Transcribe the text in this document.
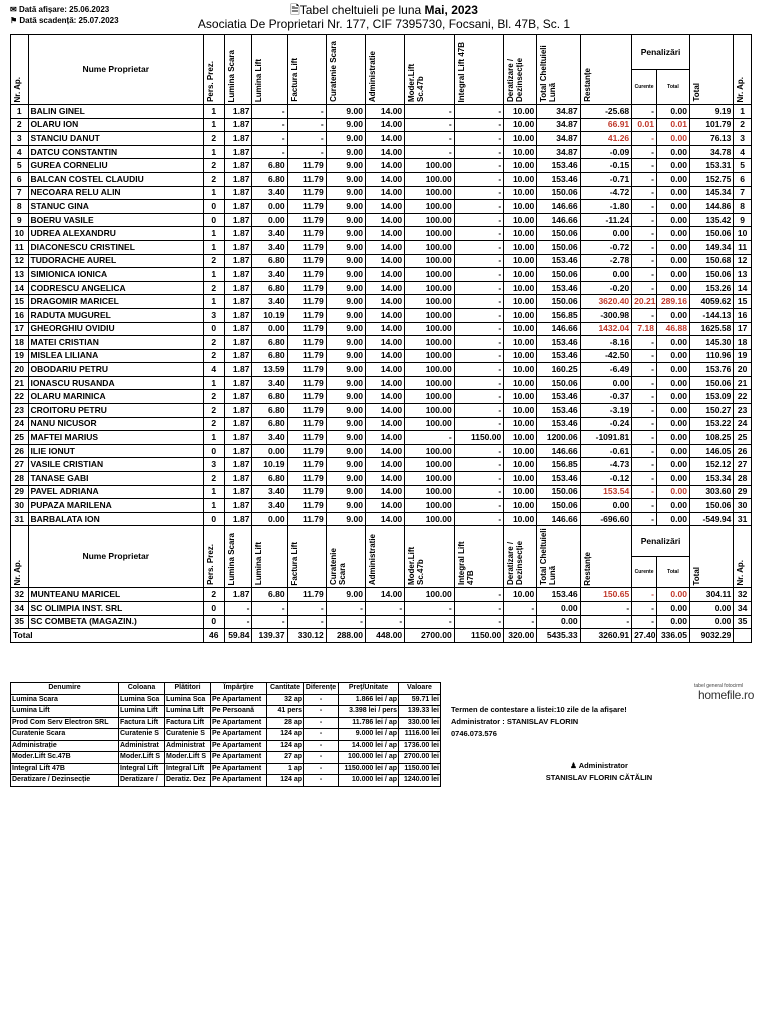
✉ Dată afișare: 25.06.2023
⚑ Dată scadență: 25.07.2023
🗎Tabel cheltuieli pe luna Mai, 2023
Asociatia De Proprietari Nr. 177, CIF 7395730, Focsani, Bl. 47B, Sc. 1
Nr. Ap.	Nume Proprietar	Pers. Prez.	Lumina Scara	Lumina Lift	Factura Lift	Curatenie Scara	Administratie	Moder.Lift Sc.47b	Integral Lift 47B	Deratizare / Dezinsecție	Total Cheltuieli Lună	Restanțe	Penalizări		Total	Nr. Ap.

													Curente	Total		
1	BALIN GINEL	1	1.87	-	-	9.00	14.00	-	-	10.00	34.87	-25.68	-	0.00	9.19	1
2	OLARU ION	1	1.87	-	-	9.00	14.00	-	-	10.00	34.87	66.91	0.01	0.01	101.79	2
3	STANCIU DANUT	2	1.87	-	-	9.00	14.00	-	-	10.00	34.87	41.26	-	0.00	76.13	3
4	DATCU CONSTANTIN	1	1.87	-	-	9.00	14.00	-	-	10.00	34.87	-0.09	-	0.00	34.78	4
5	GUREA CORNELIU	2	1.87	6.80	11.79	9.00	14.00	100.00	-	10.00	153.46	-0.15	-	0.00	153.31	5
6	BALCAN COSTEL CLAUDIU	2	1.87	6.80	11.79	9.00	14.00	100.00	-	10.00	153.46	-0.71	-	0.00	152.75	6
7	NECOARA RELU ALIN	1	1.87	3.40	11.79	9.00	14.00	100.00	-	10.00	150.06	-4.72	-	0.00	145.34	7
8	STANUC GINA	0	1.87	0.00	11.79	9.00	14.00	100.00	-	10.00	146.66	-1.80	-	0.00	144.86	8
9	BOERU VASILE	0	1.87	0.00	11.79	9.00	14.00	100.00	-	10.00	146.66	-11.24	-	0.00	135.42	9
10	UDREA ALEXANDRU	1	1.87	3.40	11.79	9.00	14.00	100.00	-	10.00	150.06	0.00	-	0.00	150.06	10
11	DIACONESCU CRISTINEL	1	1.87	3.40	11.79	9.00	14.00	100.00	-	10.00	150.06	-0.72	-	0.00	149.34	11
12	TUDORACHE AUREL	2	1.87	6.80	11.79	9.00	14.00	100.00	-	10.00	153.46	-2.78	-	0.00	150.68	12
13	SIMIONICA IONICA	1	1.87	3.40	11.79	9.00	14.00	100.00	-	10.00	150.06	0.00	-	0.00	150.06	13
14	CODRESCU ANGELICA	2	1.87	6.80	11.79	9.00	14.00	100.00	-	10.00	153.46	-0.20	-	0.00	153.26	14
15	DRAGOMIR MARICEL	1	1.87	3.40	11.79	9.00	14.00	100.00	-	10.00	150.06	3620.40	20.21	289.16	4059.62	15
16	RADUTA MUGUREL	3	1.87	10.19	11.79	9.00	14.00	100.00	-	10.00	156.85	-300.98	-	0.00	-144.13	16
17	GHEORGHIU OVIDIU	0	1.87	0.00	11.79	9.00	14.00	100.00	-	10.00	146.66	1432.04	7.18	46.88	1625.58	17
18	MATEI CRISTIAN	2	1.87	6.80	11.79	9.00	14.00	100.00	-	10.00	153.46	-8.16	-	0.00	145.30	18
19	MISLEA LILIANA	2	1.87	6.80	11.79	9.00	14.00	100.00	-	10.00	153.46	-42.50	-	0.00	110.96	19
20	OBODARIU PETRU	4	1.87	13.59	11.79	9.00	14.00	100.00	-	10.00	160.25	-6.49	-	0.00	153.76	20
21	IONASCU RUSANDA	1	1.87	3.40	11.79	9.00	14.00	100.00	-	10.00	150.06	0.00	-	0.00	150.06	21
22	OLARU MARINICA	2	1.87	6.80	11.79	9.00	14.00	100.00	-	10.00	153.46	-0.37	-	0.00	153.09	22
23	CROITORU PETRU	2	1.87	6.80	11.79	9.00	14.00	100.00	-	10.00	153.46	-3.19	-	0.00	150.27	23
24	NANU NICUSOR	2	1.87	6.80	11.79	9.00	14.00	100.00	-	10.00	153.46	-0.24	-	0.00	153.22	24
25	MAFTEI MARIUS	1	1.87	3.40	11.79	9.00	14.00	-	1150.00	10.00	1200.06	-1091.81	-	0.00	108.25	25
26	ILIE IONUT	0	1.87	0.00	11.79	9.00	14.00	100.00	-	10.00	146.66	-0.61	-	0.00	146.05	26
27	VASILE CRISTIAN	3	1.87	10.19	11.79	9.00	14.00	100.00	-	10.00	156.85	-4.73	-	0.00	152.12	27
28	TANASE GABI	2	1.87	6.80	11.79	9.00	14.00	100.00	-	10.00	153.46	-0.12	-	0.00	153.34	28
29	PAVEL ADRIANA	1	1.87	3.40	11.79	9.00	14.00	100.00	-	10.00	150.06	153.54	-	0.00	303.60	29
30	PUPAZA MARILENA	1	1.87	3.40	11.79	9.00	14.00	100.00	-	10.00	150.06	0.00	-	0.00	150.06	30
31	BARBALATA ION	0	1.87	0.00	11.79	9.00	14.00	100.00	-	10.00	146.66	-696.60	-	0.00	-549.94	31

Nr. Ap.	Nume Proprietar	Pers. Prez.	Lumina Scara	Lumina Lift	Factura Lift	Curatenie Scara	Administratie	Moder.Lift Sc.47b	Integral Lift 47B	Deratizare / Dezinsecție	Total Cheltuieli Lună	Restanțe	Penalizări		Total	Nr. Ap.

													Curente	Total		
32	MUNTEANU MARICEL	2	1.87	6.80	11.79	9.00	14.00	100.00	-	10.00	153.46	150.65	-	0.00	304.11	32
34	SC OLIMPIA INST. SRL	0	-	-	-	-	-	-	-	-	0.00	-	-	0.00	0.00	34
35	SC COMBETA (MAGAZIN.)	0	-	-	-	-	-	-	-	-	0.00	-	-	0.00	0.00	35
Total		46	59.84	139.37	330.12	288.00	448.00	2700.00	1150.00	320.00	5435.33	3260.91	27.40	336.05	9032.29	
Denumire	Coloana	Plătitori	Împărțire	Cantitate	Diferențe	Preț/Unitate	Valoare
Lumina Scara	Lumina Sca	Lumina Sca	Pe Apartament	32 ap	-	1.866 lei / ap	59.71 lei
Lumina Lift	Lumina Lift	Lumina Lift	Pe Persoană	41 pers	-	3.398 lei / pers	139.33 lei
Prod Com Serv Electron SRL	Factura Lift	Factura Lift	Pe Apartament	28 ap	-	11.786 lei / ap	330.00 lei
Curatenie Scara	Curatenie S	Curatenie S	Pe Apartament	124 ap	-	9.000 lei / ap	1116.00 lei
Administrație	Administrat	Administrat	Pe Apartament	124 ap	-	14.000 lei / ap	1736.00 lei
Moder.Lift Sc.47B	Moder.Lift S	Moder.Lift S	Pe Apartament	27 ap	-	100.000 lei / ap	2700.00 lei
Integral Lift 47B	Integral Lift	Integral Lift	Pe Apartament	1 ap	-	1150.000 lei / ap	1150.00 lei
Deratizare / Dezinsecție	Deratizare /	Deratiz. Dez	Pe Apartament	124 ap	-	10.000 lei / ap	1240.00 lei
tabel general fotocirml
homefile.ro
Termen de contestare a listei:10 zile de la afișare!
Administrator : STANISLAV FLORIN
0746.073.576
♟ Administrator
STANISLAV FLORIN CĂTĂLIN
